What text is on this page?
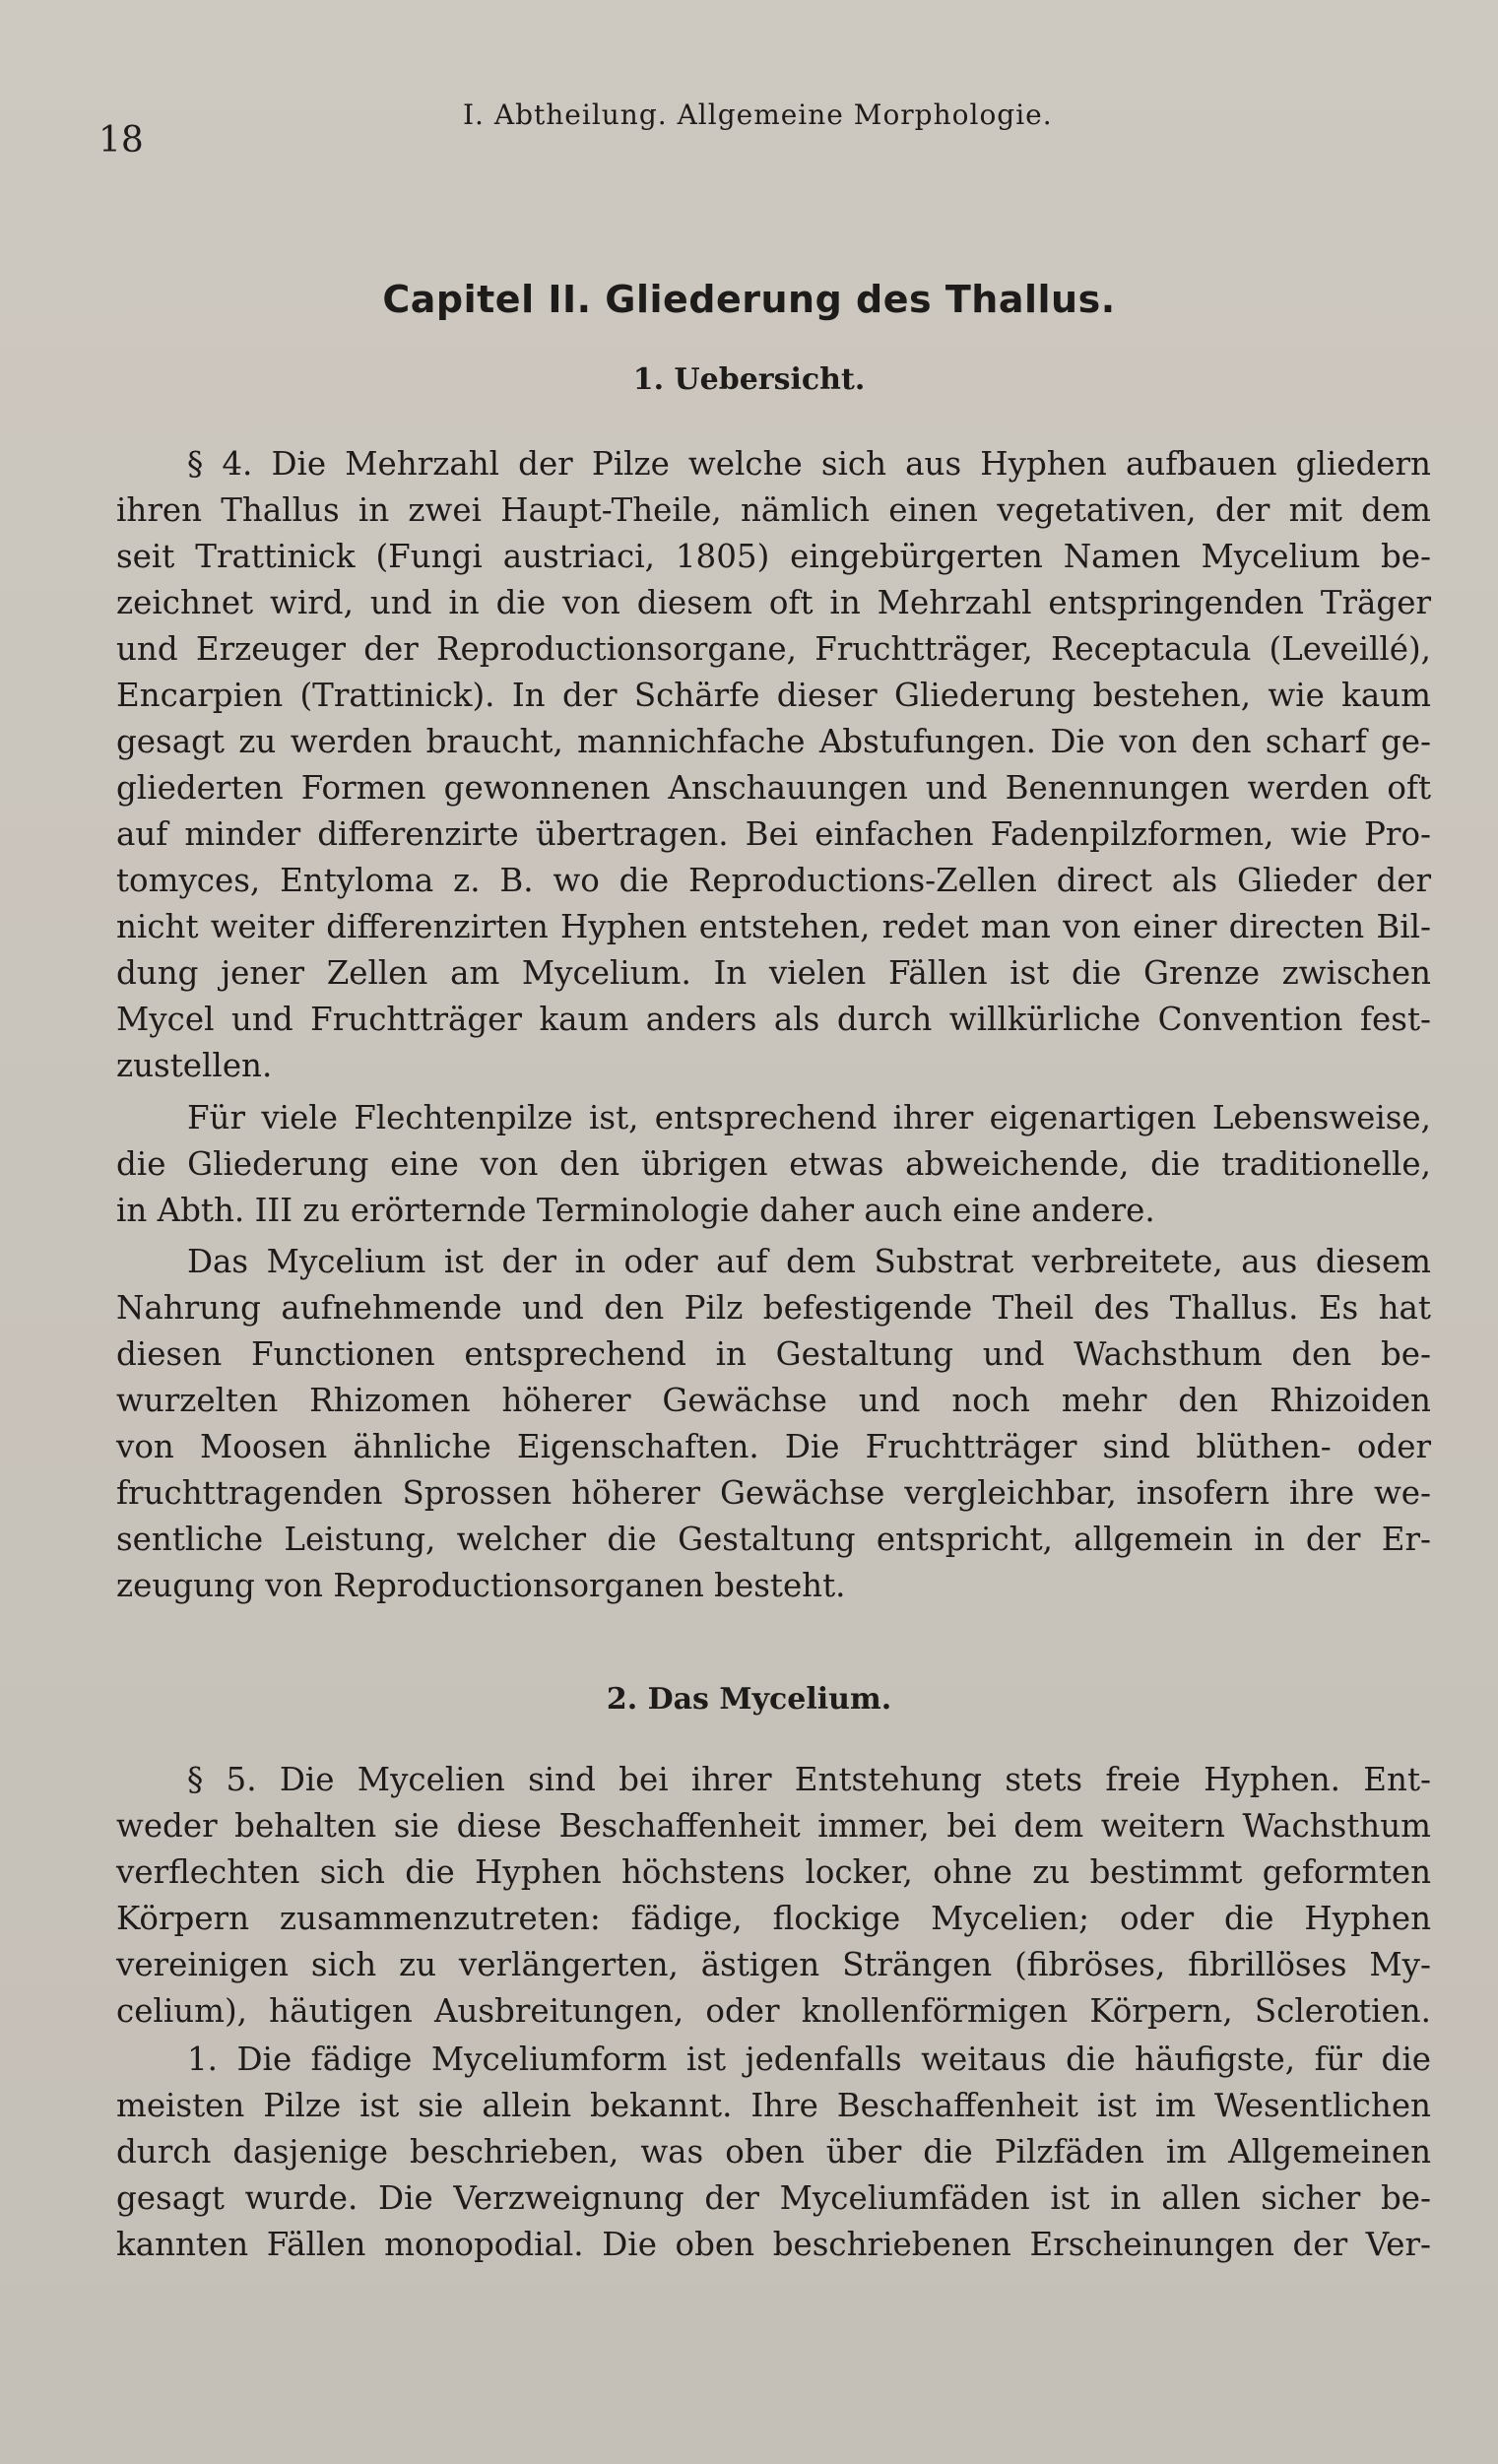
18
I. Abtheilung. Allgemeine Morphologie.
Capitel II. Gliederung des Thallus.
1. Uebersicht.
§ 4. Die Mehrzahl der Pilze welche sich aus Hyphen aufbauen gliedern
ihren Thallus in zwei Haupt-Theile, nämlich einen vegetativen, der mit dem
seit Trattinick (Fungi austriaci, 1805) eingebürgerten Namen Mycelium be-
zeichnet wird, und in die von diesem oft in Mehrzahl entspringenden Träger
und Erzeuger der Reproductionsorgane, Fruchtträger, Receptacula (Leveillé),
Encarpien (Trattinick). In der Schärfe dieser Gliederung bestehen, wie kaum
gesagt zu werden braucht, mannichfache Abstufungen. Die von den scharf ge-
gliederten Formen gewonnenen Anschauungen und Benennungen werden oft
auf minder differenzirte übertragen. Bei einfachen Fadenpilzformen, wie Pro-
tomyces, Entyloma z. B. wo die Reproductions-Zellen direct als Glieder der
nicht weiter differenzirten Hyphen entstehen, redet man von einer directen Bil-
dung jener Zellen am Mycelium. In vielen Fällen ist die Grenze zwischen
Mycel und Fruchtträger kaum anders als durch willkürliche Convention fest-
zustellen.
Für viele Flechtenpilze ist, entsprechend ihrer eigenartigen Lebensweise,
die Gliederung eine von den übrigen etwas abweichende, die traditionelle,
in Abth. III zu erörternde Terminologie daher auch eine andere.
Das Mycelium ist der in oder auf dem Substrat verbreitete, aus diesem
Nahrung aufnehmende und den Pilz befestigende Theil des Thallus. Es hat
diesen Functionen entsprechend in Gestaltung und Wachsthum den be-
wurzelten Rhizomen höherer Gewächse und noch mehr den Rhizoiden
von Moosen ähnliche Eigenschaften. Die Fruchtträger sind blüthen- oder
fruchttragenden Sprossen höherer Gewächse vergleichbar, insofern ihre we-
sentliche Leistung, welcher die Gestaltung entspricht, allgemein in der Er-
zeugung von Reproductionsorganen besteht.
2. Das Mycelium.
§ 5. Die Mycelien sind bei ihrer Entstehung stets freie Hyphen. Ent-
weder behalten sie diese Beschaffenheit immer, bei dem weitern Wachsthum
verflechten sich die Hyphen höchstens locker, ohne zu bestimmt geformten
Körpern zusammenzutreten: fädige, flockige Mycelien; oder die Hyphen
vereinigen sich zu verlängerten, ästigen Strängen (fibröses, fibrillöses My-
celium), häutigen Ausbreitungen, oder knollenförmigen Körpern, Sclerotien.
1. Die fädige Myceliumform ist jedenfalls weitaus die häufigste, für die
meisten Pilze ist sie allein bekannt. Ihre Beschaffenheit ist im Wesentlichen
durch dasjenige beschrieben, was oben über die Pilzfäden im Allgemeinen
gesagt wurde. Die Verzweignung der Myceliumfäden ist in allen sicher be-
kannten Fällen monopodial. Die oben beschriebenen Erscheinungen der Ver-
